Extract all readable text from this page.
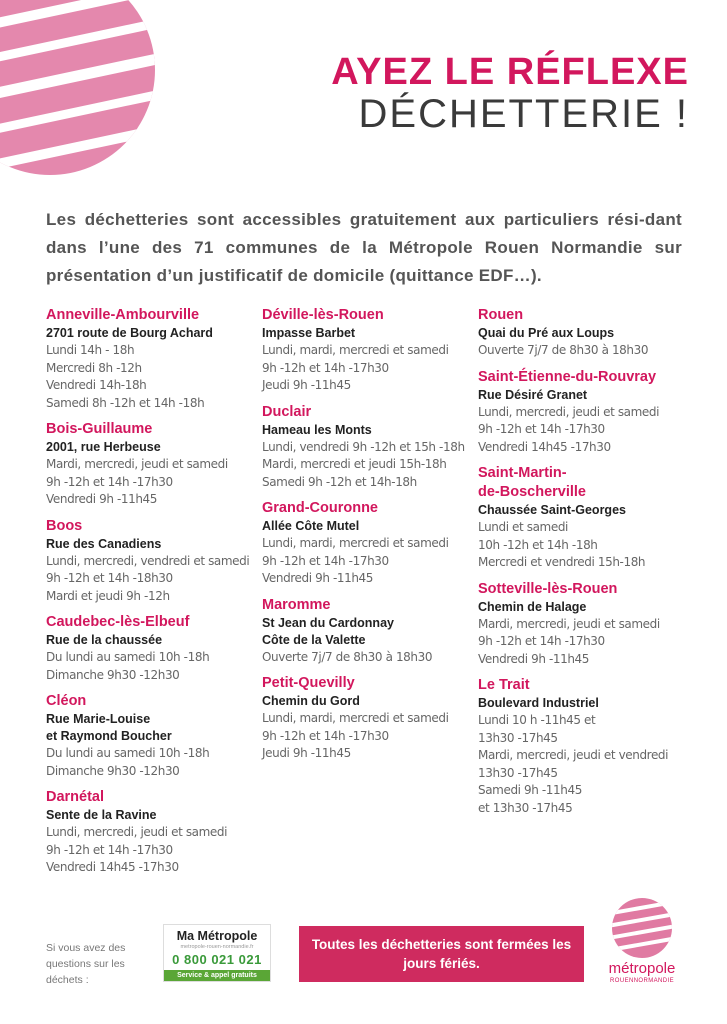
AYEZ LE RÉFLEXE
DÉCHETTERIE !

Les déchetteries sont accessibles gratuitement aux particuliers rési-dant dans l’une des 71 communes de la Métropole Rouen Normandie sur présentation d’un justificatif de domicile (quittance EDF…).

Anneville-Ambourville
2701 route de Bourg Achard
Lundi 14h - 18h
Mercredi 8h -12h
Vendredi 14h-18h
Samedi 8h -12h et 14h -18h
Bois-Guillaume
2001, rue Herbeuse
Mardi, mercredi, jeudi et samedi
9h -12h et 14h -17h30
Vendredi 9h -11h45
Boos
Rue des Canadiens
Lundi, mercredi, vendredi et samedi
9h -12h et 14h -18h30
Mardi et jeudi 9h -12h
Caudebec-lès-Elbeuf
Rue de la chaussée
Du lundi au samedi 10h -18h
Dimanche 9h30 -12h30
Cléon
Rue Marie-Louise
et Raymond Boucher
Du lundi au samedi 10h -18h
Dimanche 9h30 -12h30
Darnétal
Sente de la Ravine
Lundi, mercredi, jeudi et samedi
9h -12h et 14h -17h30
Vendredi 14h45 -17h30
Déville-lès-Rouen
Impasse Barbet
Lundi, mardi, mercredi et samedi
9h -12h et 14h -17h30
Jeudi 9h -11h45
Duclair
Hameau les Monts
Lundi, vendredi 9h -12h et 15h -18h
Mardi, mercredi et jeudi 15h-18h
Samedi 9h -12h et 14h-18h
Grand-Couronne
Allée Côte Mutel
Lundi, mardi, mercredi et samedi
9h -12h et 14h -17h30
Vendredi 9h -11h45
Maromme
St Jean du Cardonnay
Côte de la Valette
Ouverte 7j/7 de 8h30 à 18h30
Petit-Quevilly
Chemin du Gord
Lundi, mardi, mercredi et samedi
9h -12h et 14h -17h30
Jeudi 9h -11h45
Rouen
Quai du Pré aux Loups
Ouverte 7j/7 de 8h30 à 18h30
Saint-Étienne-du-Rouvray
Rue Désiré Granet
Lundi, mercredi, jeudi et samedi
9h -12h et 14h -17h30
Vendredi 14h45 -17h30
Saint-Martin-
de-Boscherville
Chaussée Saint-Georges
Lundi et samedi
10h -12h et 14h -18h
Mercredi et vendredi 15h-18h
Sotteville-lès-Rouen
Chemin de Halage
Mardi, mercredi, jeudi et samedi
9h -12h et 14h -17h30
Vendredi 9h -11h45
Le Trait
Boulevard Industriel
Lundi 10 h -11h45 et
13h30 -17h45
Mardi, mercredi, jeudi et vendredi
13h30 -17h45
Samedi 9h -11h45
et 13h30 -17h45
Si vous avez des questions sur les déchets :
Ma Métropole
metropole-rouen-normandie.fr
0 800 021 021
Service & appel gratuits
Toutes les déchetteries sont fermées les jours fériés.	métropole
ROUENNORMANDIE
